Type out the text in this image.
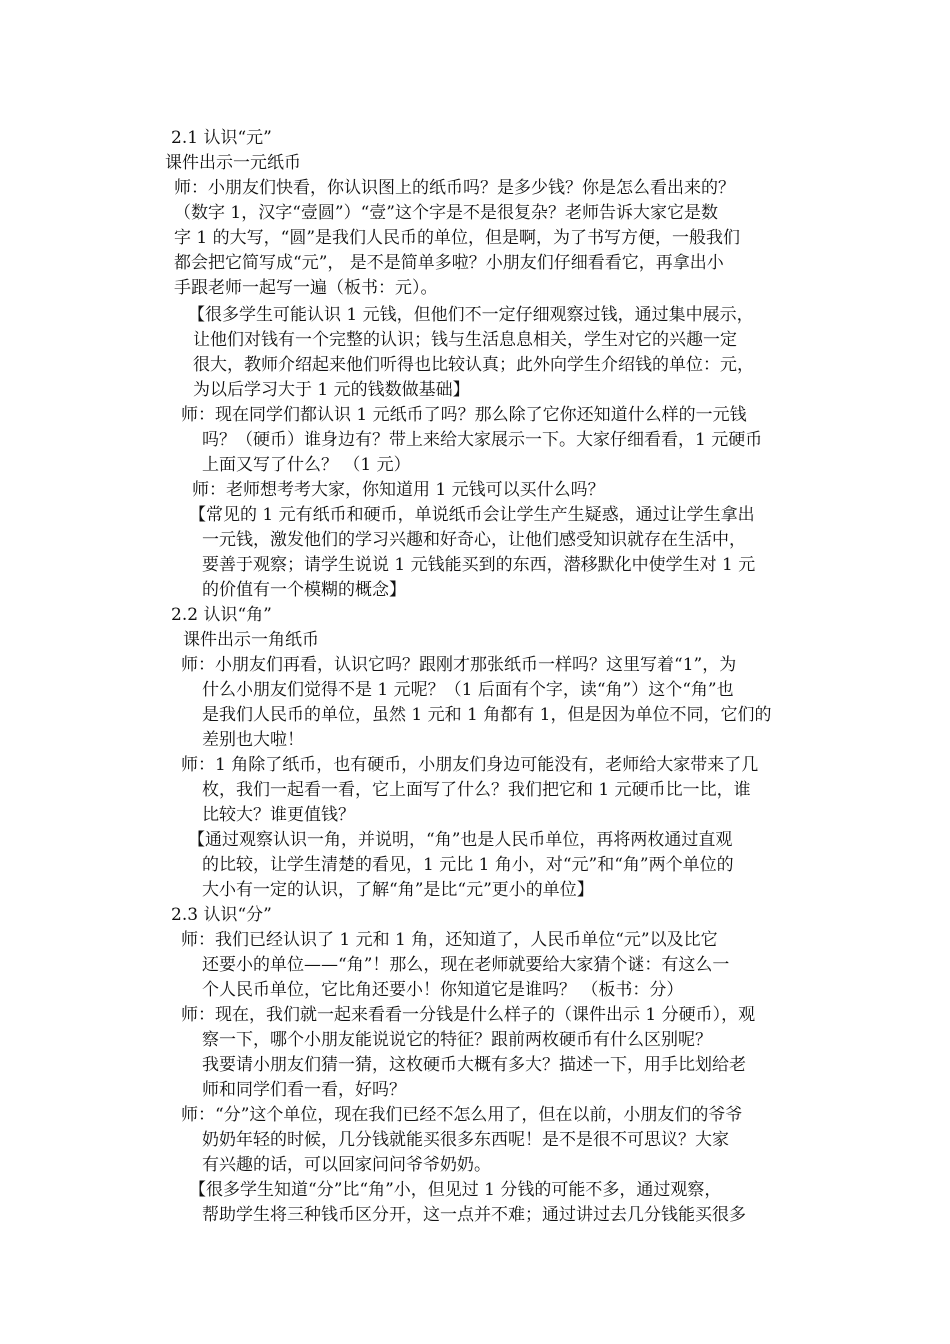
2.1 认识“元”
课件出示一元纸币
师：小朋友们快看，你认识图上的纸币吗？是多少钱？你是怎么看出来的？
（数字 1，汉字“壹圆”）“壹”这个字是不是很复杂？老师告诉大家它是数
字 1 的大写，“圆”是我们人民币的单位，但是啊，为了书写方便，一般我们
都会把它简写成“元”， 是不是简单多啦？小朋友们仔细看看它，再拿出小
手跟老师一起写一遍（板书：元）。
【很多学生可能认识 1 元钱，但他们不一定仔细观察过钱，通过集中展示，
让他们对钱有一个完整的认识；钱与生活息息相关，学生对它的兴趣一定
很大，教师介绍起来他们听得也比较认真；此外向学生介绍钱的单位：元，
为以后学习大于 1 元的钱数做基础】
师：现在同学们都认识 1 元纸币了吗？那么除了它你还知道什么样的一元钱
吗？（硬币）谁身边有？带上来给大家展示一下。大家仔细看看，1 元硬币
上面又写了什么？ （1 元）
师：老师想考考大家，你知道用 1 元钱可以买什么吗？
【常见的 1 元有纸币和硬币，单说纸币会让学生产生疑惑，通过让学生拿出
一元钱，激发他们的学习兴趣和好奇心，让他们感受知识就存在生活中，
要善于观察；请学生说说 1 元钱能买到的东西，潜移默化中使学生对 1 元
的价值有一个模糊的概念】
2.2 认识“角”
课件出示一角纸币
师：小朋友们再看，认识它吗？跟刚才那张纸币一样吗？这里写着“1”，为
什么小朋友们觉得不是 1 元呢？（1 后面有个字，读“角”）这个“角”也
是我们人民币的单位，虽然 1 元和 1 角都有 1，但是因为单位不同，它们的
差别也大啦！
师：1 角除了纸币，也有硬币，小朋友们身边可能没有，老师给大家带来了几
枚，我们一起看一看，它上面写了什么？我们把它和 1 元硬币比一比，谁
比较大？谁更值钱？
【通过观察认识一角，并说明，“角”也是人民币单位，再将两枚通过直观
的比较，让学生清楚的看见，1 元比 1 角小，对“元”和“角”两个单位的
大小有一定的认识，了解“角”是比“元”更小的单位】
2.3 认识“分”
师：我们已经认识了 1 元和 1 角，还知道了，人民币单位“元”以及比它
还要小的单位——“角”！那么，现在老师就要给大家猜个谜：有这么一
个人民币单位，它比角还要小！你知道它是谁吗？ （板书：分）
师：现在，我们就一起来看看一分钱是什么样子的（课件出示 1 分硬币），观
察一下，哪个小朋友能说说它的特征？跟前两枚硬币有什么区别呢？
我要请小朋友们猜一猜，这枚硬币大概有多大？描述一下，用手比划给老
师和同学们看一看，好吗？
师：“分”这个单位，现在我们已经不怎么用了，但在以前，小朋友们的爷爷
奶奶年轻的时候，几分钱就能买很多东西呢！是不是很不可思议？大家
有兴趣的话，可以回家问问爷爷奶奶。
【很多学生知道“分”比“角”小，但见过 1 分钱的可能不多，通过观察，
帮助学生将三种钱币区分开，这一点并不难；通过讲过去几分钱能买很多
